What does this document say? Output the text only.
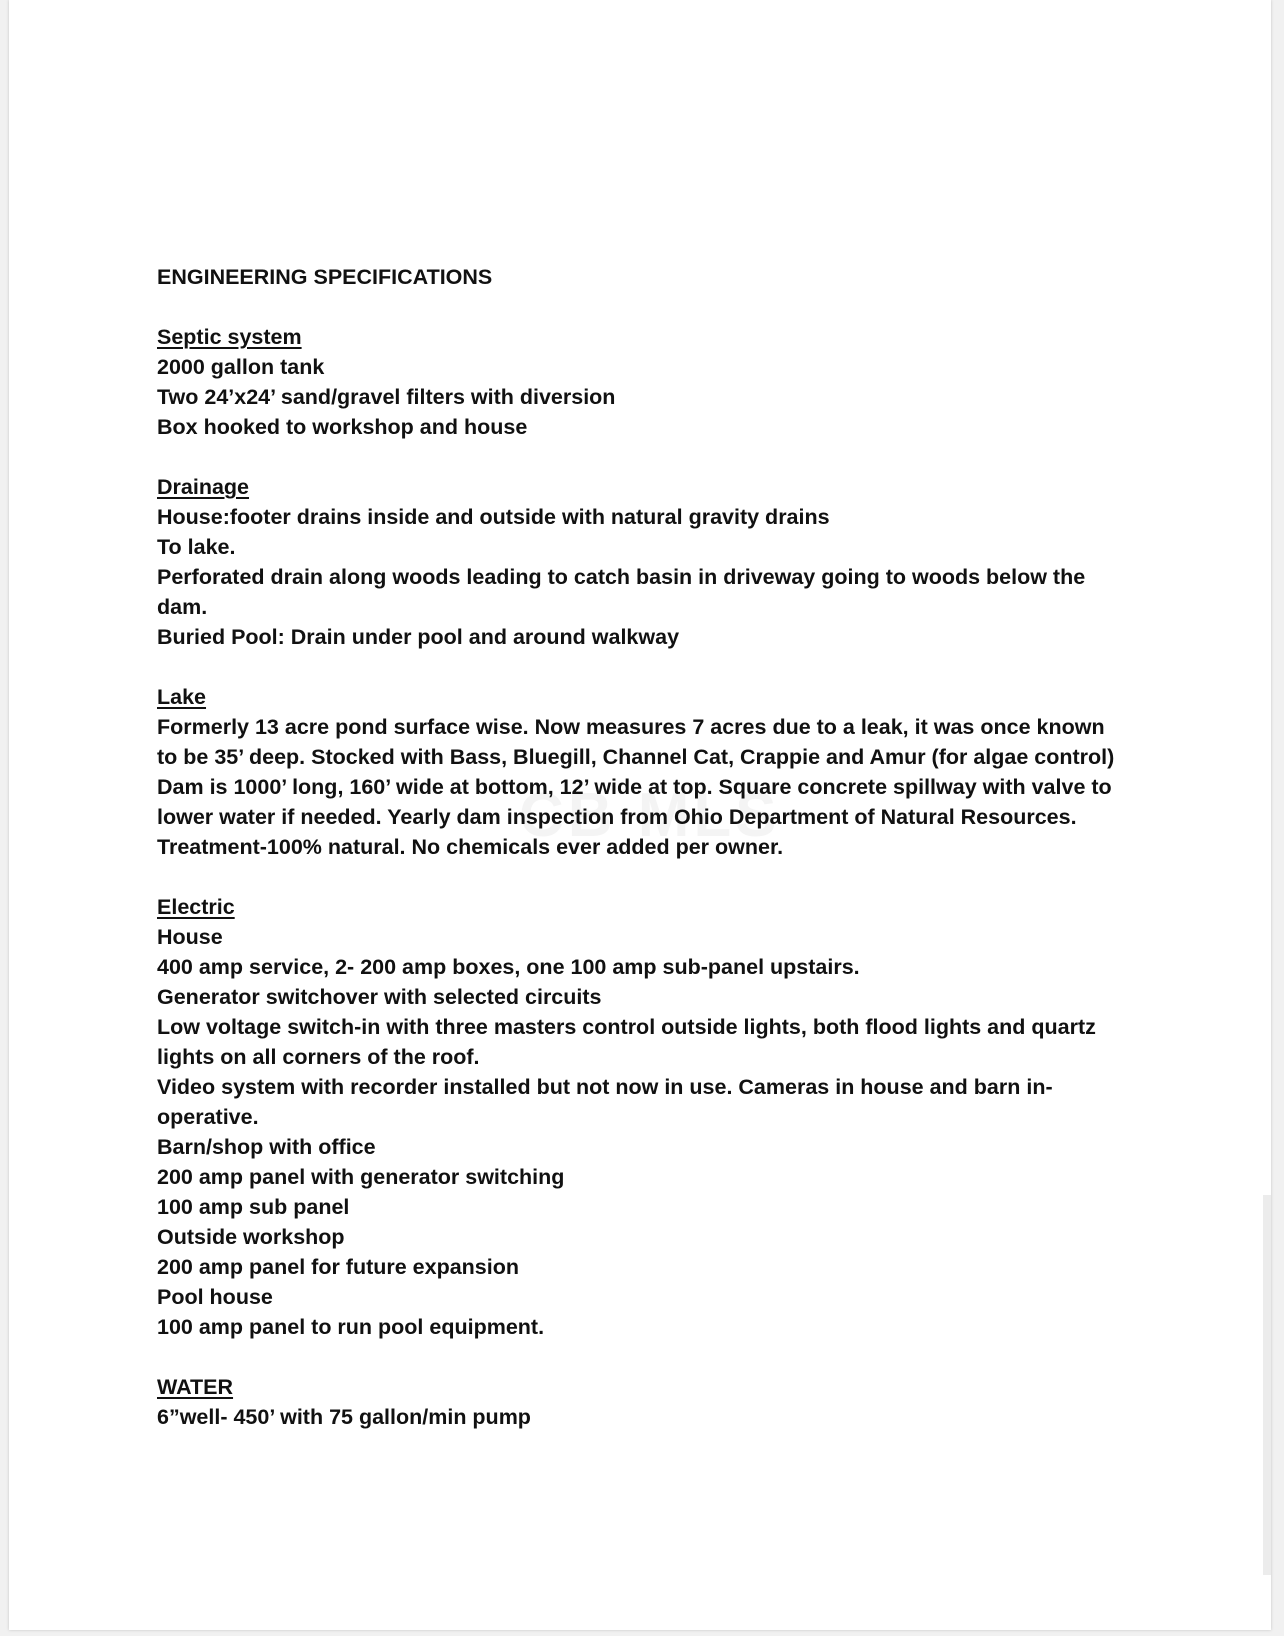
ENGINEERING SPECIFICATIONS
Septic system
2000 gallon tank
Two 24’x24’ sand/gravel filters with diversion
Box hooked to workshop and house
Drainage
House:footer drains inside and outside with natural gravity drains
To lake.
Perforated drain along woods leading to catch basin in driveway going to woods below the dam.
Buried Pool: Drain under pool and around walkway
Lake
Formerly 13 acre pond surface wise. Now measures 7 acres due to a leak, it was once known to be 35’ deep. Stocked with Bass, Bluegill, Channel Cat, Crappie and Amur (for algae control)
Dam is 1000’ long, 160’ wide at bottom, 12’ wide at top. Square concrete spillway with valve to lower water if needed. Yearly dam inspection from Ohio Department of Natural Resources. Treatment-100% natural. No chemicals ever added per owner.
Electric
House
400 amp service, 2- 200 amp boxes, one 100 amp sub-panel upstairs.
Generator switchover with selected circuits
Low voltage switch-in with three masters control outside lights, both flood lights and quartz lights on all corners of the roof.
Video system with recorder installed but not now in use. Cameras in house and barn in-operative.
Barn/shop with office
200 amp panel with generator switching
100 amp sub panel
Outside workshop
200 amp panel for future expansion
Pool house
100 amp panel to run pool equipment.
WATER
6”well- 450’ with 75 gallon/min pump
